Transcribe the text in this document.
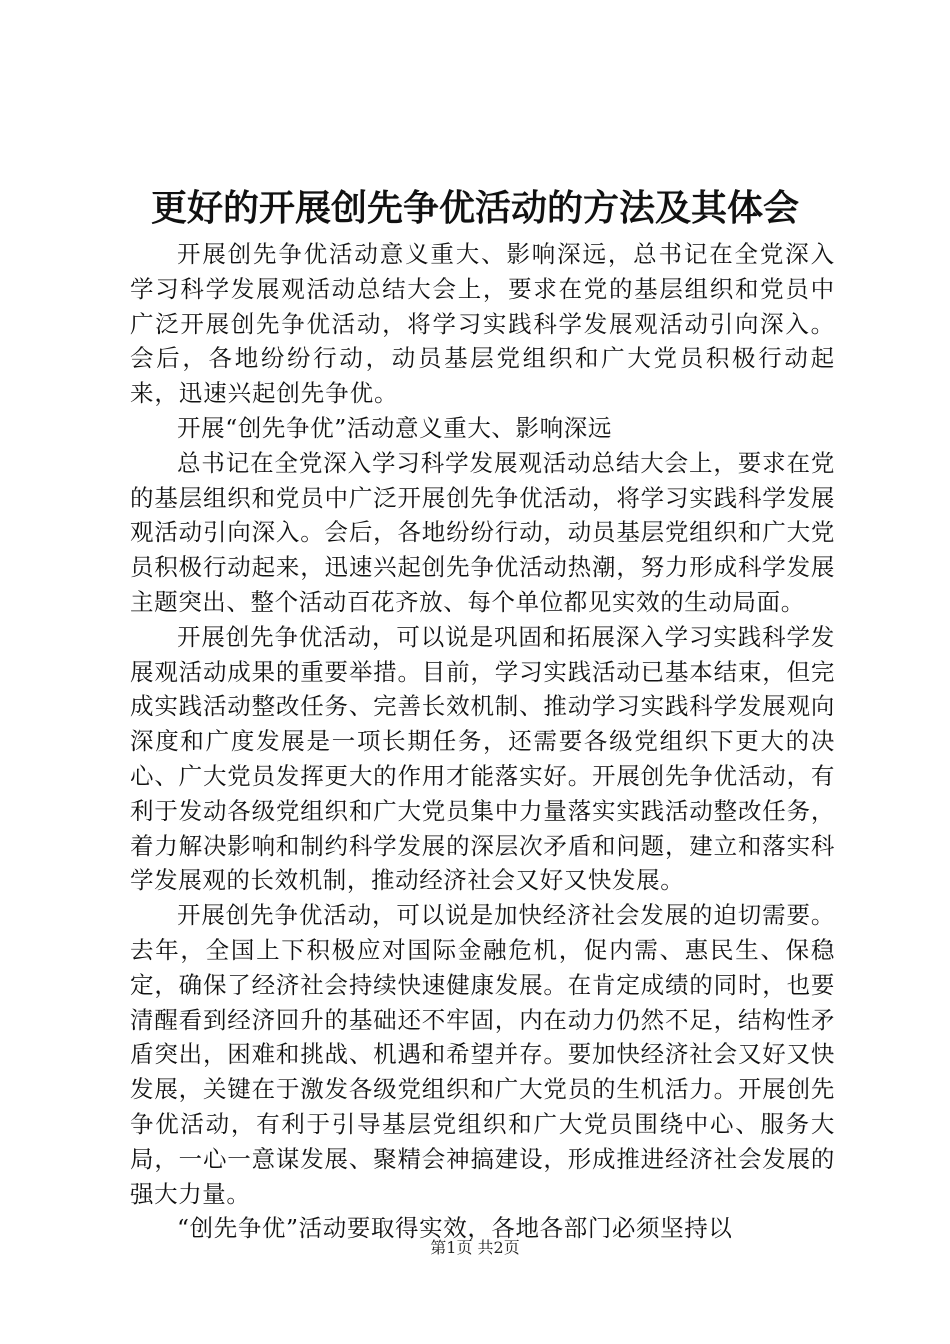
更好的开展创先争优活动的方法及其体会

开展创先争优活动意义重大、影响深远，总书记在全党深入学习科学发展观活动总结大会上，要求在党的基层组织和党员中广泛开展创先争优活动，将学习实践科学发展观活动引向深入。会后，各地纷纷行动，动员基层党组织和广大党员积极行动起来，迅速兴起创先争优。

开展“创先争优”活动意义重大、影响深远

总书记在全党深入学习科学发展观活动总结大会上，要求在党的基层组织和党员中广泛开展创先争优活动，将学习实践科学发展观活动引向深入。会后，各地纷纷行动，动员基层党组织和广大党员积极行动起来，迅速兴起创先争优活动热潮，努力形成科学发展主题突出、整个活动百花齐放、每个单位都见实效的生动局面。

开展创先争优活动，可以说是巩固和拓展深入学习实践科学发展观活动成果的重要举措。目前，学习实践活动已基本结束，但完成实践活动整改任务、完善长效机制、推动学习实践科学发展观向深度和广度发展是一项长期任务，还需要各级党组织下更大的决心、广大党员发挥更大的作用才能落实好。开展创先争优活动，有利于发动各级党组织和广大党员集中力量落实实践活动整改任务，着力解决影响和制约科学发展的深层次矛盾和问题，建立和落实科学发展观的长效机制，推动经济社会又好又快发展。

开展创先争优活动，可以说是加快经济社会发展的迫切需要。去年，全国上下积极应对国际金融危机，促内需、惠民生、保稳定，确保了经济社会持续快速健康发展。在肯定成绩的同时，也要清醒看到经济回升的基础还不牢固，内在动力仍然不足，结构性矛盾突出，困难和挑战、机遇和希望并存。要加快经济社会又好又快发展，关键在于激发各级党组织和广大党员的生机活力。开展创先争优活动，有利于引导基层党组织和广大党员围绕中心、服务大局，一心一意谋发展、聚精会神搞建设，形成推进经济社会发展的强大力量。

“创先争优”活动要取得实效，各地各部门必须坚持以

第1页 共2页
